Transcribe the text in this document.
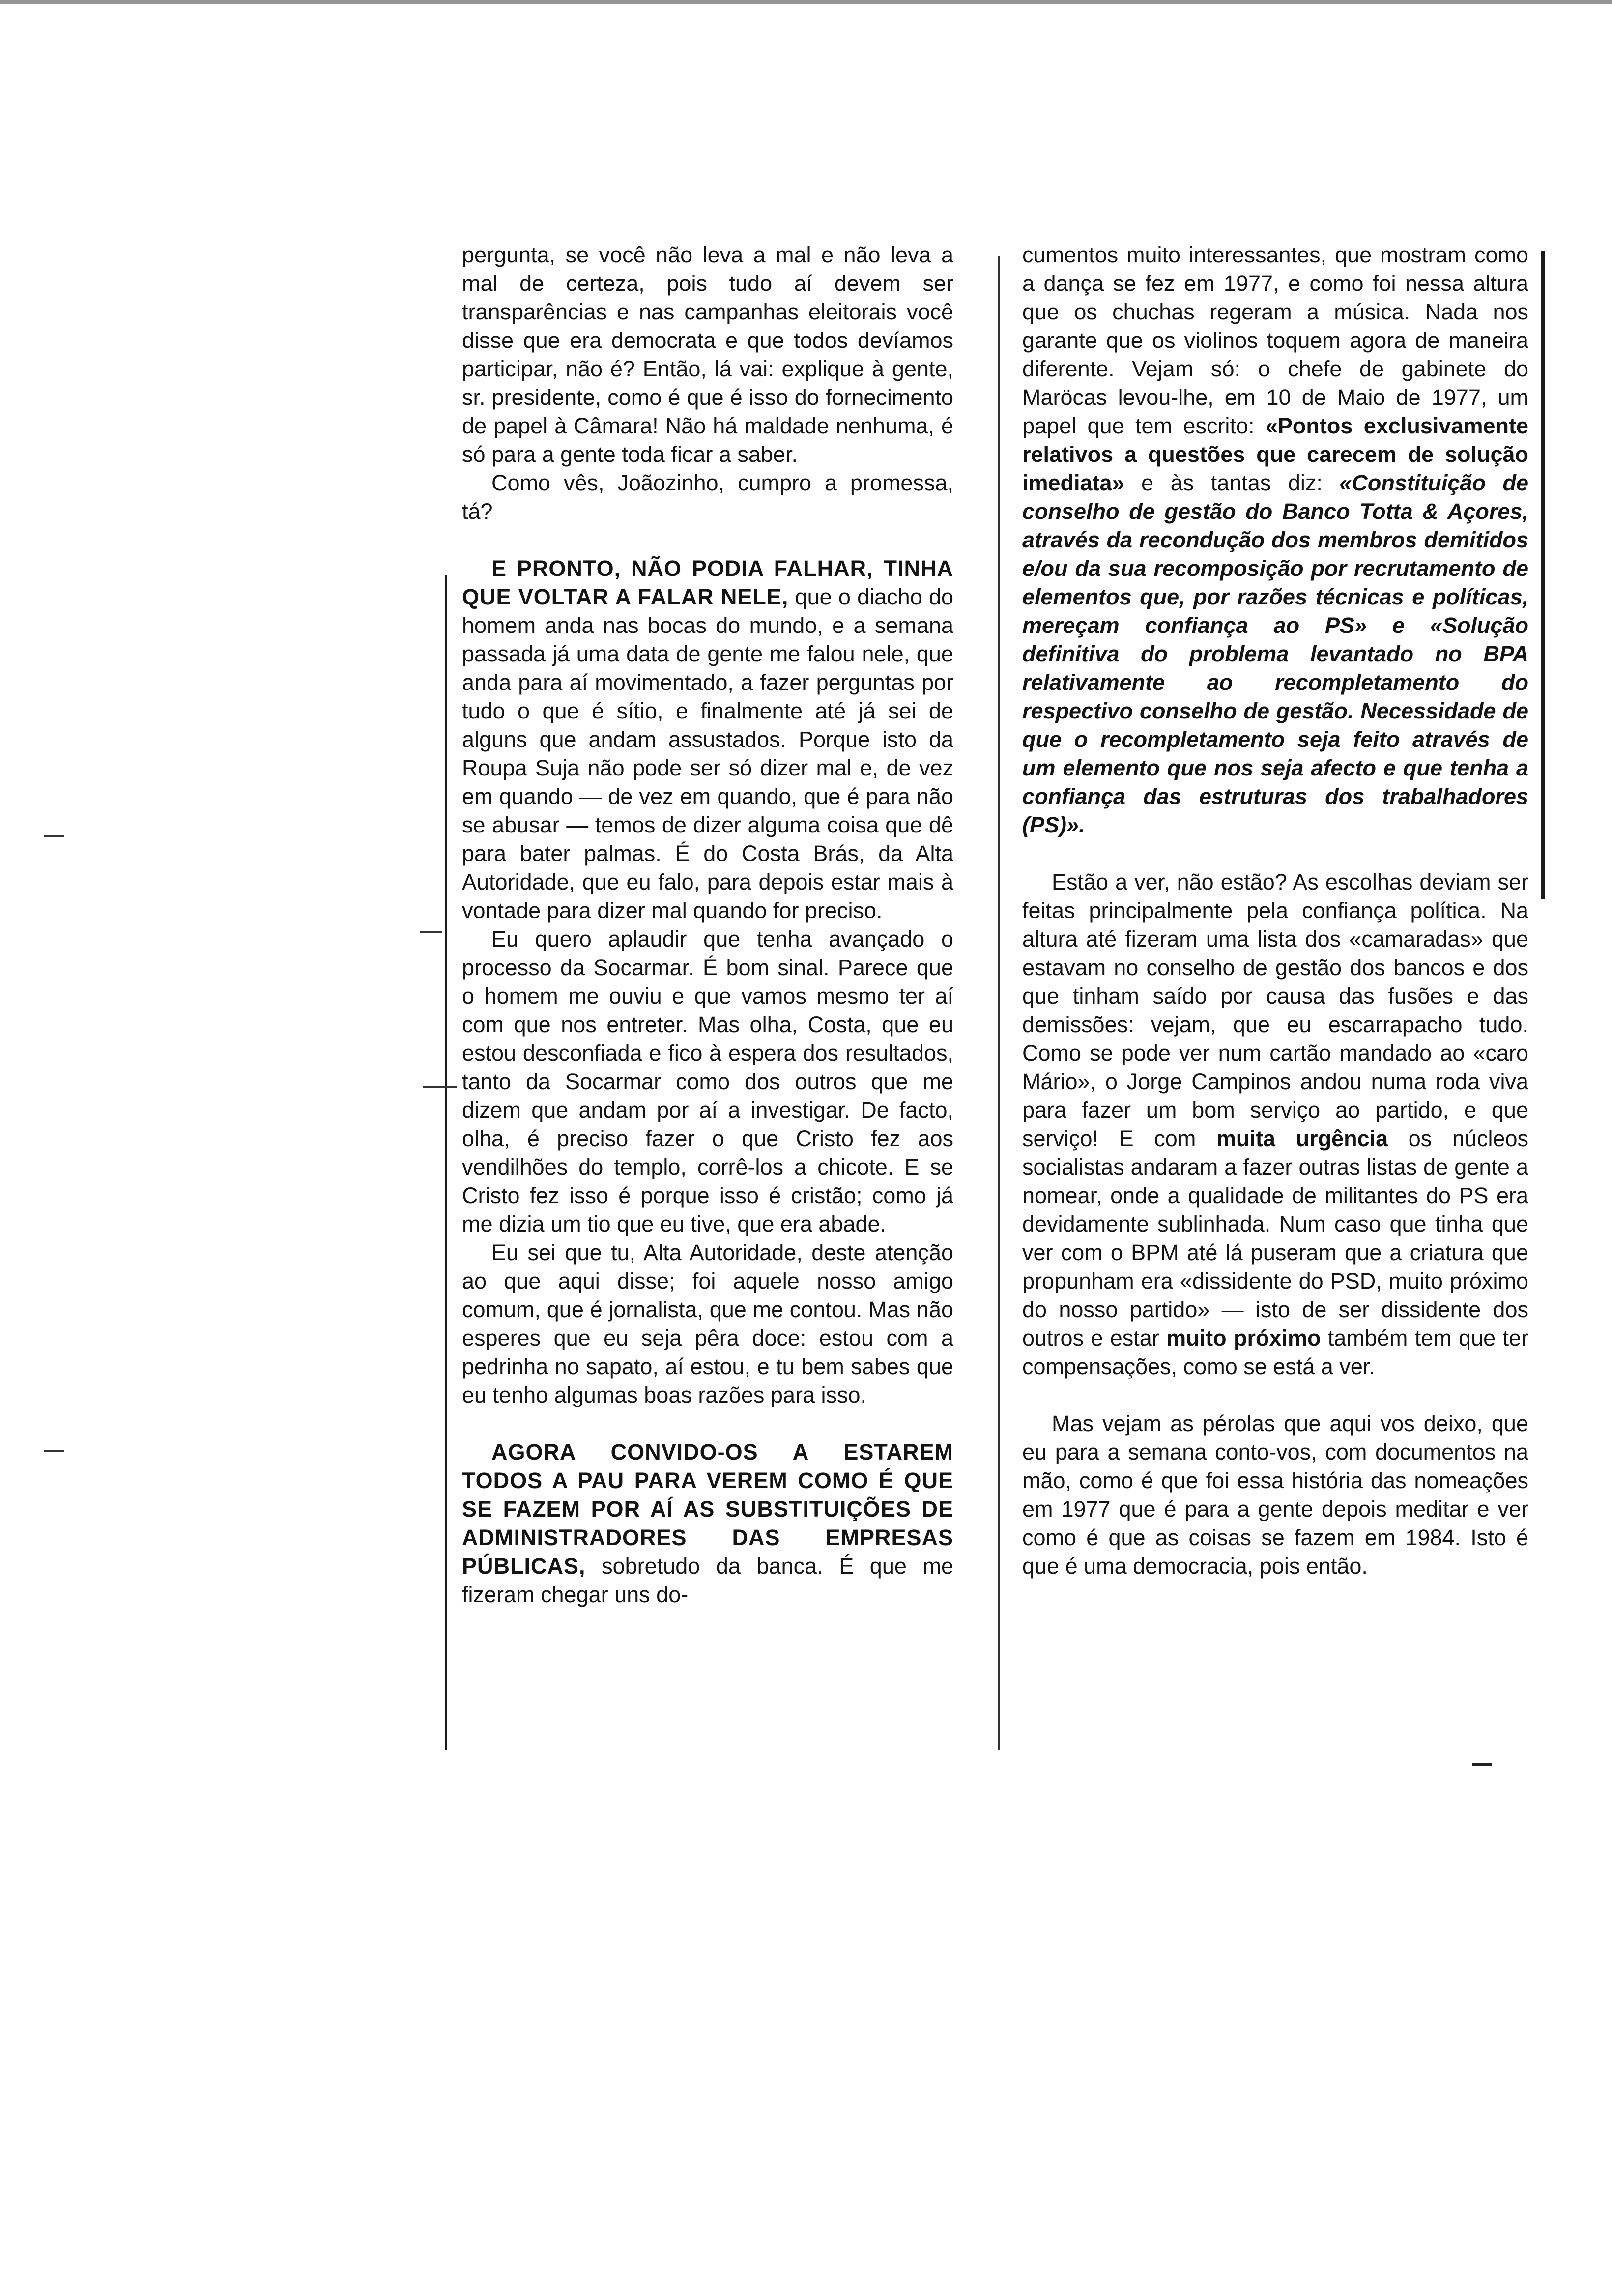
pergunta, se você não leva a mal e não leva a mal de certeza, pois tudo aí devem ser transparências e nas campanhas eleitorais você disse que era democrata e que todos devíamos participar, não é? Então, lá vai: explique à gente, sr. presidente, como é que é isso do fornecimento de papel à Câmara! Não há maldade nenhuma, é só para a gente toda ficar a saber.

Como vês, Joãozinho, cumpro a promessa, tá?

E PRONTO, NÃO PODIA FALHAR, TINHA QUE VOLTAR A FALAR NELE, que o diacho do homem anda nas bocas do mundo, e a semana passada já uma data de gente me falou nele, que anda para aí movimentado, a fazer perguntas por tudo o que é sítio, e finalmente até já sei de alguns que andam assustados. Porque isto da Roupa Suja não pode ser só dizer mal e, de vez em quando — de vez em quando, que é para não se abusar — temos de dizer alguma coisa que dê para bater palmas. É do Costa Brás, da Alta Autoridade, que eu falo, para depois estar mais à vontade para dizer mal quando for preciso.

Eu quero aplaudir que tenha avançado o processo da Socarmar. É bom sinal. Parece que o homem me ouviu e que vamos mesmo ter aí com que nos entreter. Mas olha, Costa, que eu estou desconfiada e fico à espera dos resultados, tanto da Socarmar como dos outros que me dizem que andam por aí a investigar. De facto, olha, é preciso fazer o que Cristo fez aos vendilhões do templo, corrê-los a chicote. E se Cristo fez isso é porque isso é cristão; como já me dizia um tio que eu tive, que era abade.

Eu sei que tu, Alta Autoridade, deste atenção ao que aqui disse; foi aquele nosso amigo comum, que é jornalista, que me contou. Mas não esperes que eu seja pêra doce: estou com a pedrinha no sapato, aí estou, e tu bem sabes que eu tenho algumas boas razões para isso.

AGORA CONVIDO-OS A ESTAREM TODOS A PAU PARA VEREM COMO É QUE SE FAZEM POR AÍ AS SUBSTITUIÇÕES DE ADMINISTRADORES DAS EMPRESAS PÚBLICAS, sobretudo da banca. É que me fizeram chegar uns do-

cumentos muito interessantes, que mostram como a dança se fez em 1977, e como foi nessa altura que os chuchas regeram a música. Nada nos garante que os violinos toquem agora de maneira diferente. Vejam só: o chefe de gabinete do Maröcas levou-lhe, em 10 de Maio de 1977, um papel que tem escrito: «Pontos exclusivamente relativos a questões que carecem de solução imediata» e às tantas diz: «Constituição de conselho de gestão do Banco Totta & Açores, através da recondução dos membros demitidos e/ou da sua recomposição por recrutamento de elementos que, por razões técnicas e políticas, mereçam confiança ao PS» e «Solução definitiva do problema levantado no BPA relativamente ao recompletamento do respectivo conselho de gestão. Necessidade de que o recompletamento seja feito através de um elemento que nos seja afecto e que tenha a confiança das estruturas dos trabalhadores (PS)».

Estão a ver, não estão? As escolhas deviam ser feitas principalmente pela confiança política. Na altura até fizeram uma lista dos «camaradas» que estavam no conselho de gestão dos bancos e dos que tinham saído por causa das fusões e das demissões: vejam, que eu escarrapacho tudo. Como se pode ver num cartão mandado ao «caro Mário», o Jorge Campinos andou numa roda viva para fazer um bom serviço ao partido, e que serviço! E com muita urgência os núcleos socialistas andaram a fazer outras listas de gente a nomear, onde a qualidade de militantes do PS era devidamente sublinhada. Num caso que tinha que ver com o BPM até lá puseram que a criatura que propunham era «dissidente do PSD, muito próximo do nosso partido» — isto de ser dissidente dos outros e estar muito próximo também tem que ter compensações, como se está a ver.

Mas vejam as pérolas que aqui vos deixo, que eu para a semana conto-vos, com documentos na mão, como é que foi essa história das nomeações em 1977 que é para a gente depois meditar e ver como é que as coisas se fazem em 1984. Isto é que é uma democracia, pois então.
